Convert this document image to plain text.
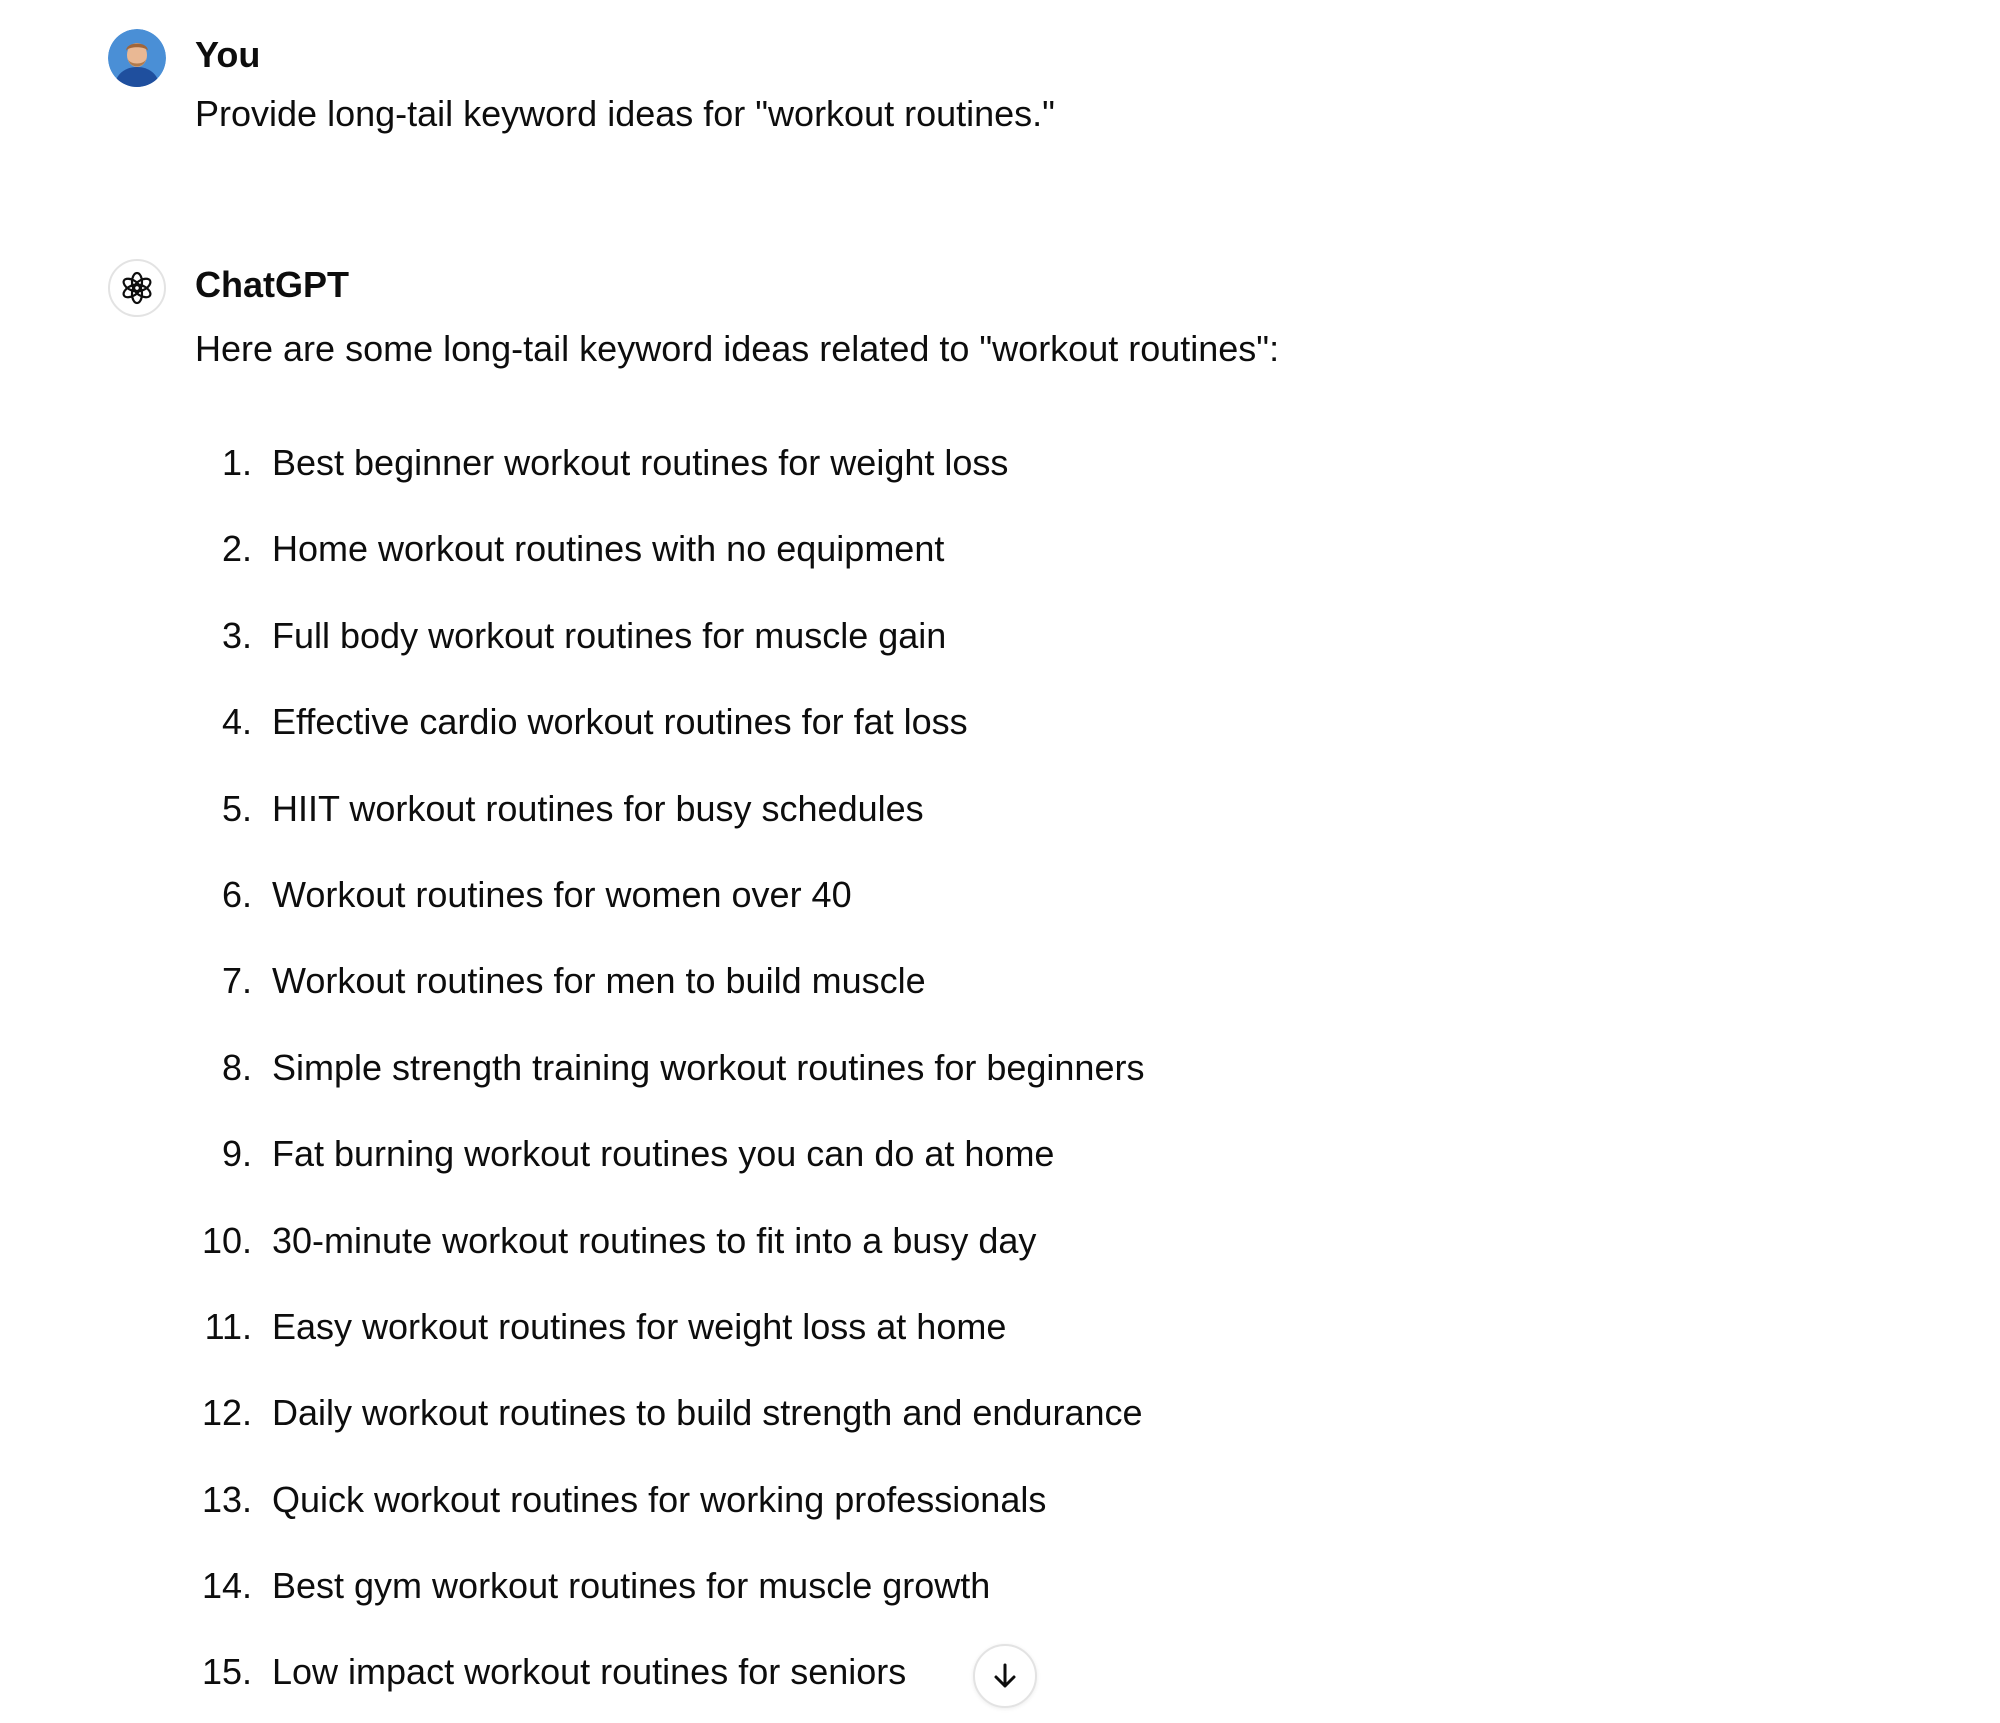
You
Provide long-tail keyword ideas for "workout routines."
ChatGPT
Here are some long-tail keyword ideas related to "workout routines":
1. Best beginner workout routines for weight loss
2. Home workout routines with no equipment
3. Full body workout routines for muscle gain
4. Effective cardio workout routines for fat loss
5. HIIT workout routines for busy schedules
6. Workout routines for women over 40
7. Workout routines for men to build muscle
8. Simple strength training workout routines for beginners
9. Fat burning workout routines you can do at home
10. 30-minute workout routines to fit into a busy day
11. Easy workout routines for weight loss at home
12. Daily workout routines to build strength and endurance
13. Quick workout routines for working professionals
14. Best gym workout routines for muscle growth
15. Low impact workout routines for seniors
